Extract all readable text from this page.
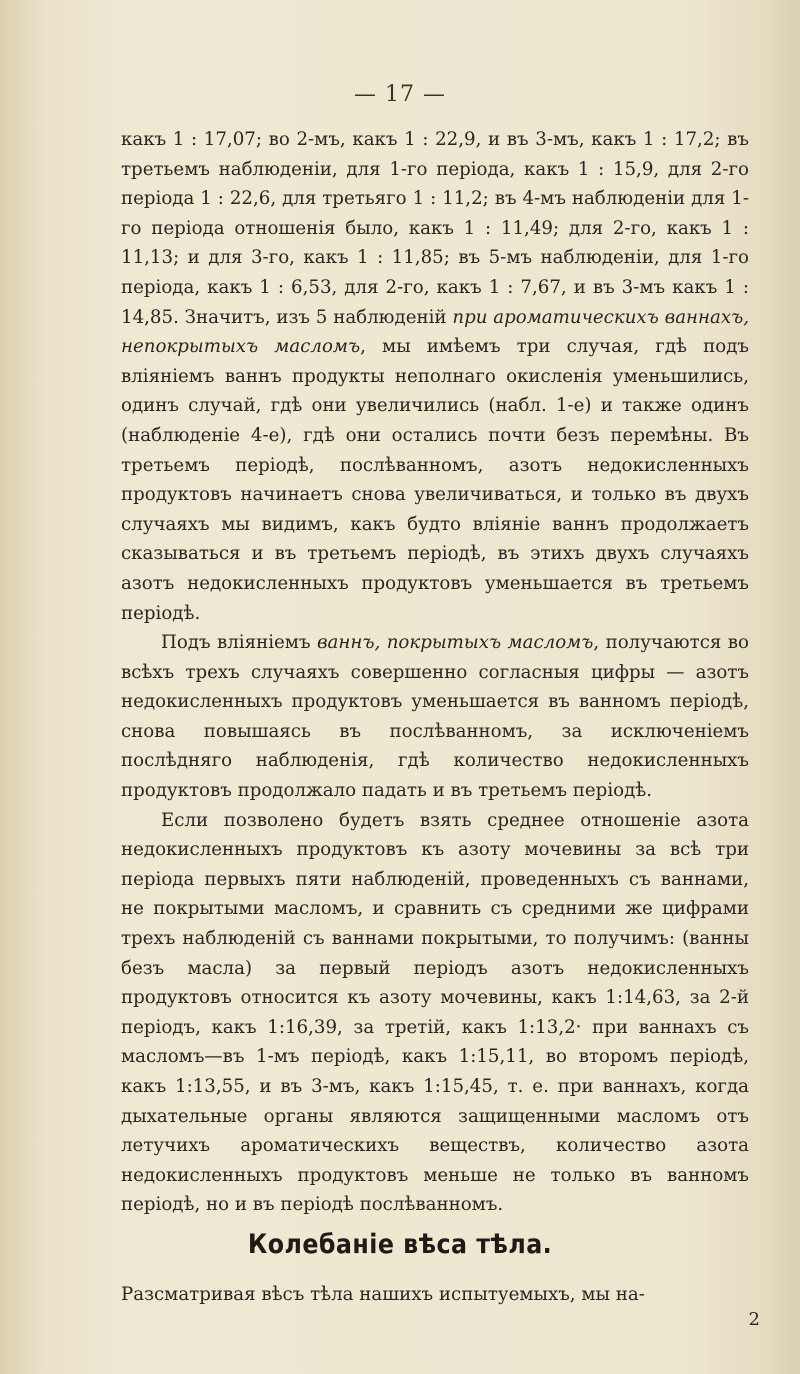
— 17 —

какъ 1 : 17,07; во 2-мъ, какъ 1 : 22,9, и въ 3-мъ, какъ 1 : 17,2; въ третьемъ наблюденіи, для 1-го періода, какъ 1 : 15,9, для 2-го періода 1 : 22,6, для третьяго 1 : 11,2; въ 4-мъ наблюденіи для 1-го періода отношенія было, какъ 1 : 11,49; для 2-го, какъ 1 : 11,13; и для 3-го, какъ 1 : 11,85; въ 5-мъ наблюденіи, для 1-го періода, какъ 1 : 6,53, для 2-го, какъ 1 : 7,67, и въ 3-мъ какъ 1 : 14,85. Значитъ, изъ 5 наблюденій при ароматическихъ ваннахъ, непокрытыхъ масломъ, мы имѣемъ три случая, гдѣ подъ вліяніемъ ваннъ продукты неполнаго окисленія уменьшились, одинъ случай, гдѣ они увеличились (набл. 1-е) и также одинъ (наблюденіе 4-е), гдѣ они остались почти безъ перемѣны. Въ третьемъ періодѣ, послѣванномъ, азотъ недокисленныхъ продуктовъ начинаетъ снова увеличиваться, и только въ двухъ случаяхъ мы видимъ, какъ будто вліяніе ваннъ продолжаетъ сказываться и въ третьемъ періодѣ, въ этихъ двухъ случаяхъ азотъ недокисленныхъ продуктовъ уменьшается въ третьемъ періодѣ.

Подъ вліяніемъ ваннъ, покрытыхъ масломъ, получаются во всѣхъ трехъ случаяхъ совершенно согласныя цифры — азотъ недокисленныхъ продуктовъ уменьшается въ ванномъ періодѣ, снова повышаясь въ послѣванномъ, за исключеніемъ послѣдняго наблюденія, гдѣ количество недокисленныхъ продуктовъ продолжало падать и въ третьемъ періодѣ.

Если позволено будетъ взять среднее отношеніе азота недокисленныхъ продуктовъ къ азоту мочевины за всѣ три періода первыхъ пяти наблюденій, проведенныхъ съ ваннами, не покрытыми масломъ, и сравнить съ средними же цифрами трехъ наблюденій съ ваннами покрытыми, то получимъ: (ванны безъ масла) за первый періодъ азотъ недокисленныхъ продуктовъ относится къ азоту мочевины, какъ 1:14,63, за 2-й періодъ, какъ 1:16,39, за третій, какъ 1:13,2· при ваннахъ съ масломъ—въ 1-мъ періодѣ, какъ 1:15,11, во второмъ періодѣ, какъ 1:13,55, и въ 3-мъ, какъ 1:15,45, т. е. при ваннахъ, когда дыхательные органы являются защищенными масломъ отъ летучихъ ароматическихъ веществъ, количество азота недокисленныхъ продуктовъ меньше не только въ ванномъ періодѣ, но и въ періодѣ послѣванномъ.

Колебаніе вѣса тѣла.
Разсматривая вѣсъ тѣла нашихъ испытуемыхъ, мы на-
2
